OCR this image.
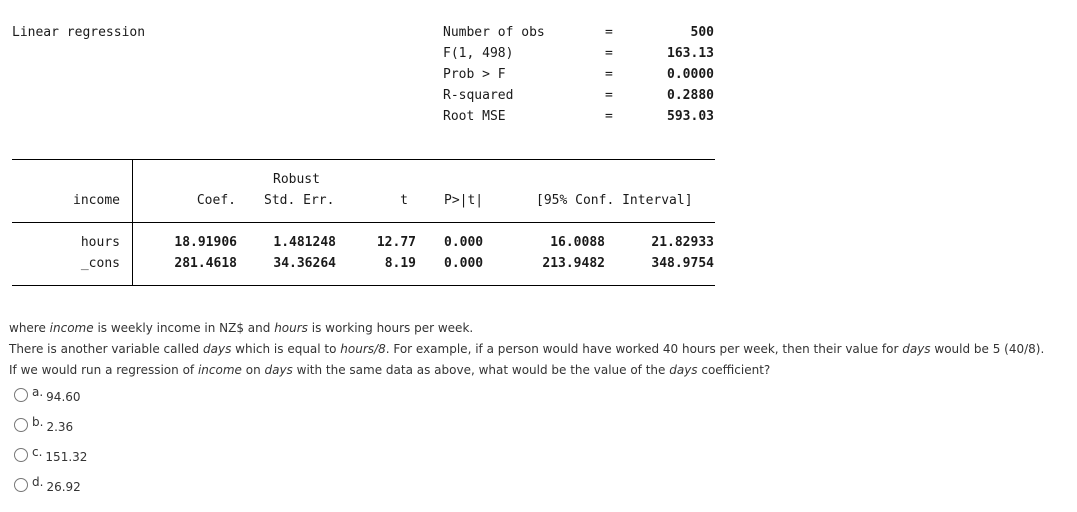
Linear regression	Number of obs	=	500
F(1, 498)	=	163.13
Prob > F	=	0.0000
R-squared	=	0.2880
Root MSE	=	593.03
Robust
income	Coef. Std. Err.	t	P>|t|	[95% Conf. Interval]
hours	18.91906	1.481248	12.77 0.000	16.0088	21.82933
_cons	281.4618	34.36264	8.19 0.000	213.9482	348.9754
where income is weekly income in NZ$ and hours is working hours per week.
There is another variable called days which is equal to hours/8. For example, if a person would have worked 40 hours per week, then their value for days would be 5 (40/8).
If we would run a regression of income on days with the same data as above, what would be the value of the days coefficient?
a. 94.60
b. 2.36
c. 151.32
d. 26.92
